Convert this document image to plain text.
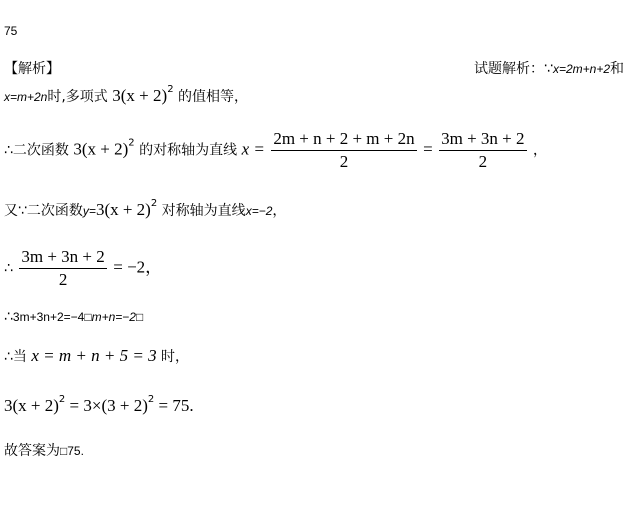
75
【解析】	试题解析：∵x=2m+n+2和
x=m+2n时,多项式 $3(x + 2)^2$ 的值相等，
∴二次函数 $3(x + 2)^2$ 的对称轴为直线 $x = \frac{2m + n + 2 + m + 2n}{2} = \frac{3m + 3n + 2}{2}$ ，
又∵二次函数$y=3(x + 2)^2$ 对称轴为直线x=−2，
∴ $\frac{3m + 3n + 2}{2} = -2$，
∴3m+3n+2=−4□m+n=−2□
∴当 x = m + n + 5 = 3 时，
$3(x + 2)^2 = 3\times(3 + 2)^2 = 75$.
故答案为□75.
